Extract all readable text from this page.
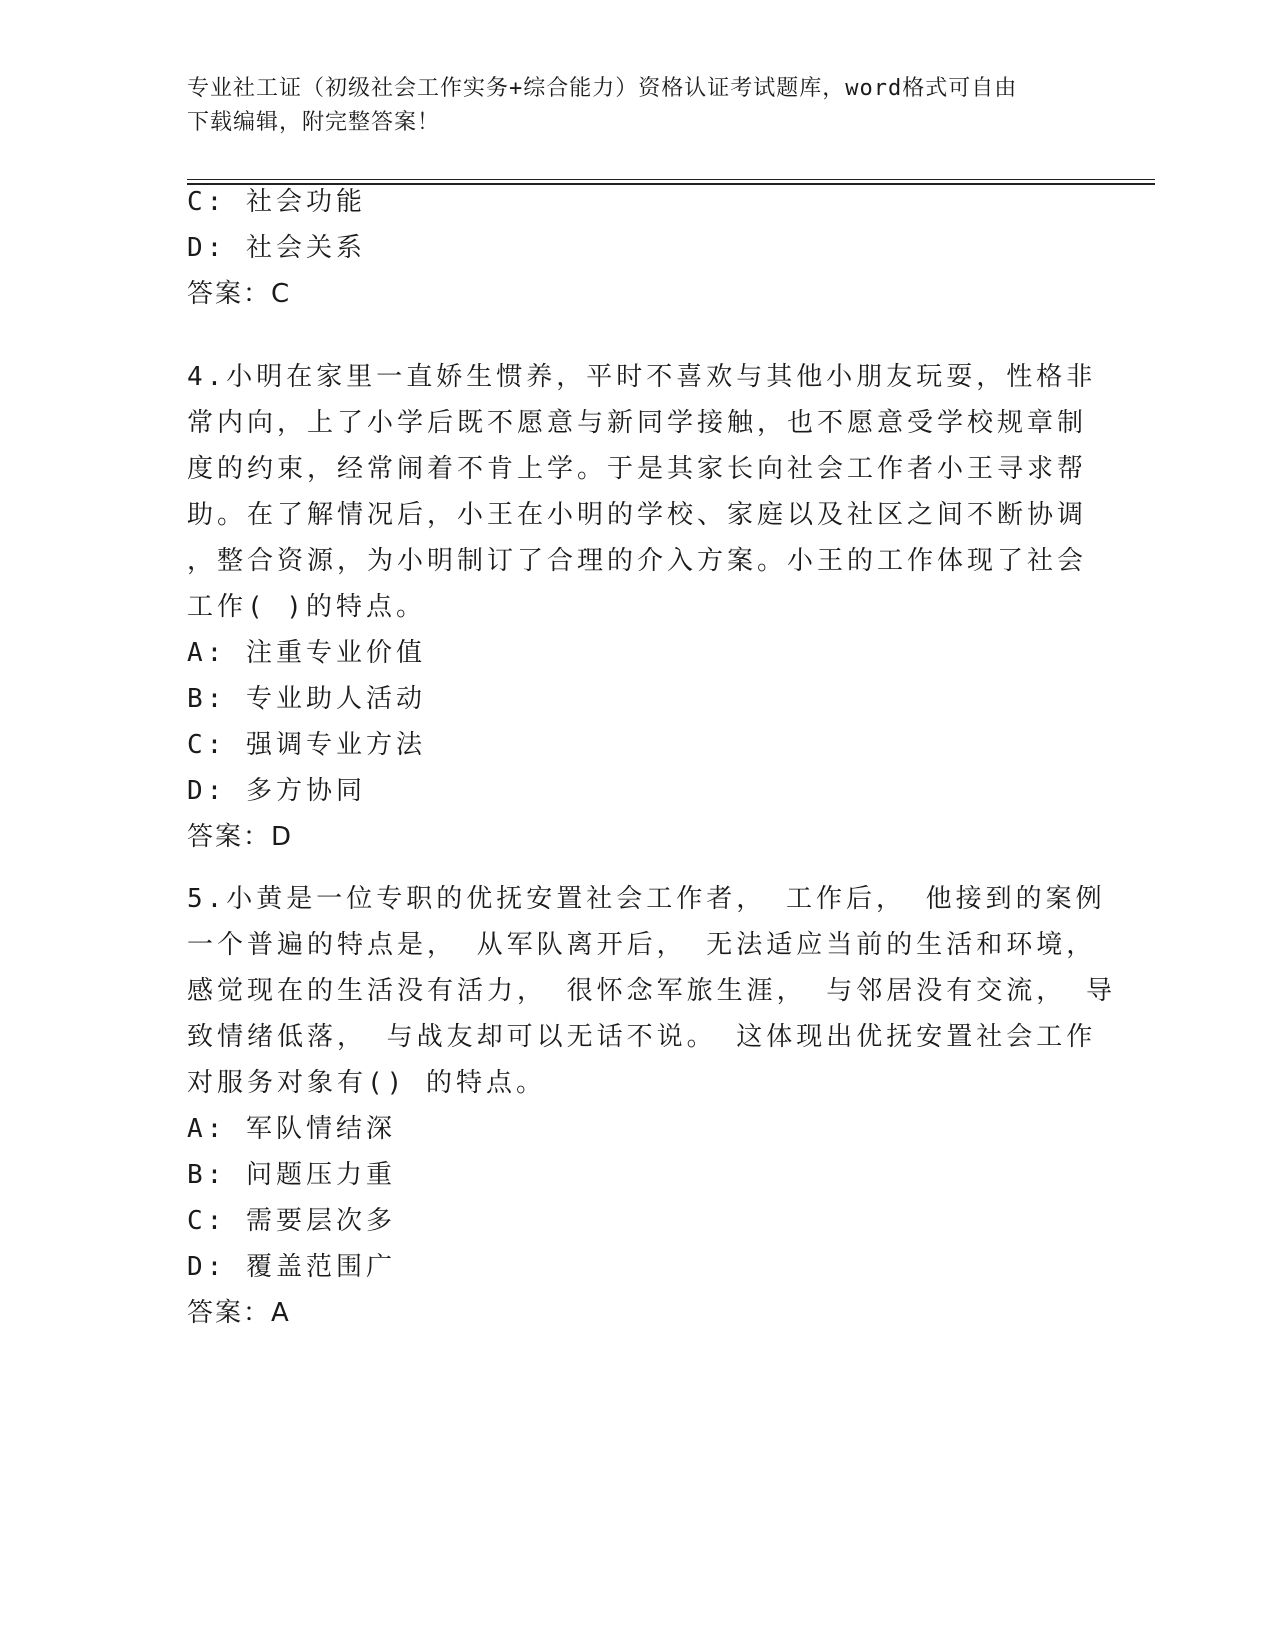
专业社工证（初级社会工作实务+综合能力）资格认证考试题库，word格式可自由
下载编辑，附完整答案！
C: 社会功能
D: 社会关系
答案：C
4.小明在家里一直娇生惯养，平时不喜欢与其他小朋友玩耍，性格非
常内向，上了小学后既不愿意与新同学接触，也不愿意受学校规章制
度的约束，经常闹着不肯上学。于是其家长向社会工作者小王寻求帮
助。在了解情况后，小王在小明的学校、家庭以及社区之间不断协调
，整合资源，为小明制订了合理的介入方案。小王的工作体现了社会
工作( )的特点。
A: 注重专业价值
B: 专业助人活动
C: 强调专业方法
D: 多方协同
答案：D
5.小黄是一位专职的优抚安置社会工作者， 工作后， 他接到的案例
一个普遍的特点是， 从军队离开后， 无法适应当前的生活和环境，
感觉现在的生活没有活力， 很怀念军旅生涯， 与邻居没有交流， 导
致情绪低落， 与战友却可以无话不说。 这体现出优抚安置社会工作
对服务对象有() 的特点。
A: 军队情结深
B: 问题压力重
C: 需要层次多
D: 覆盖范围广
答案：A
